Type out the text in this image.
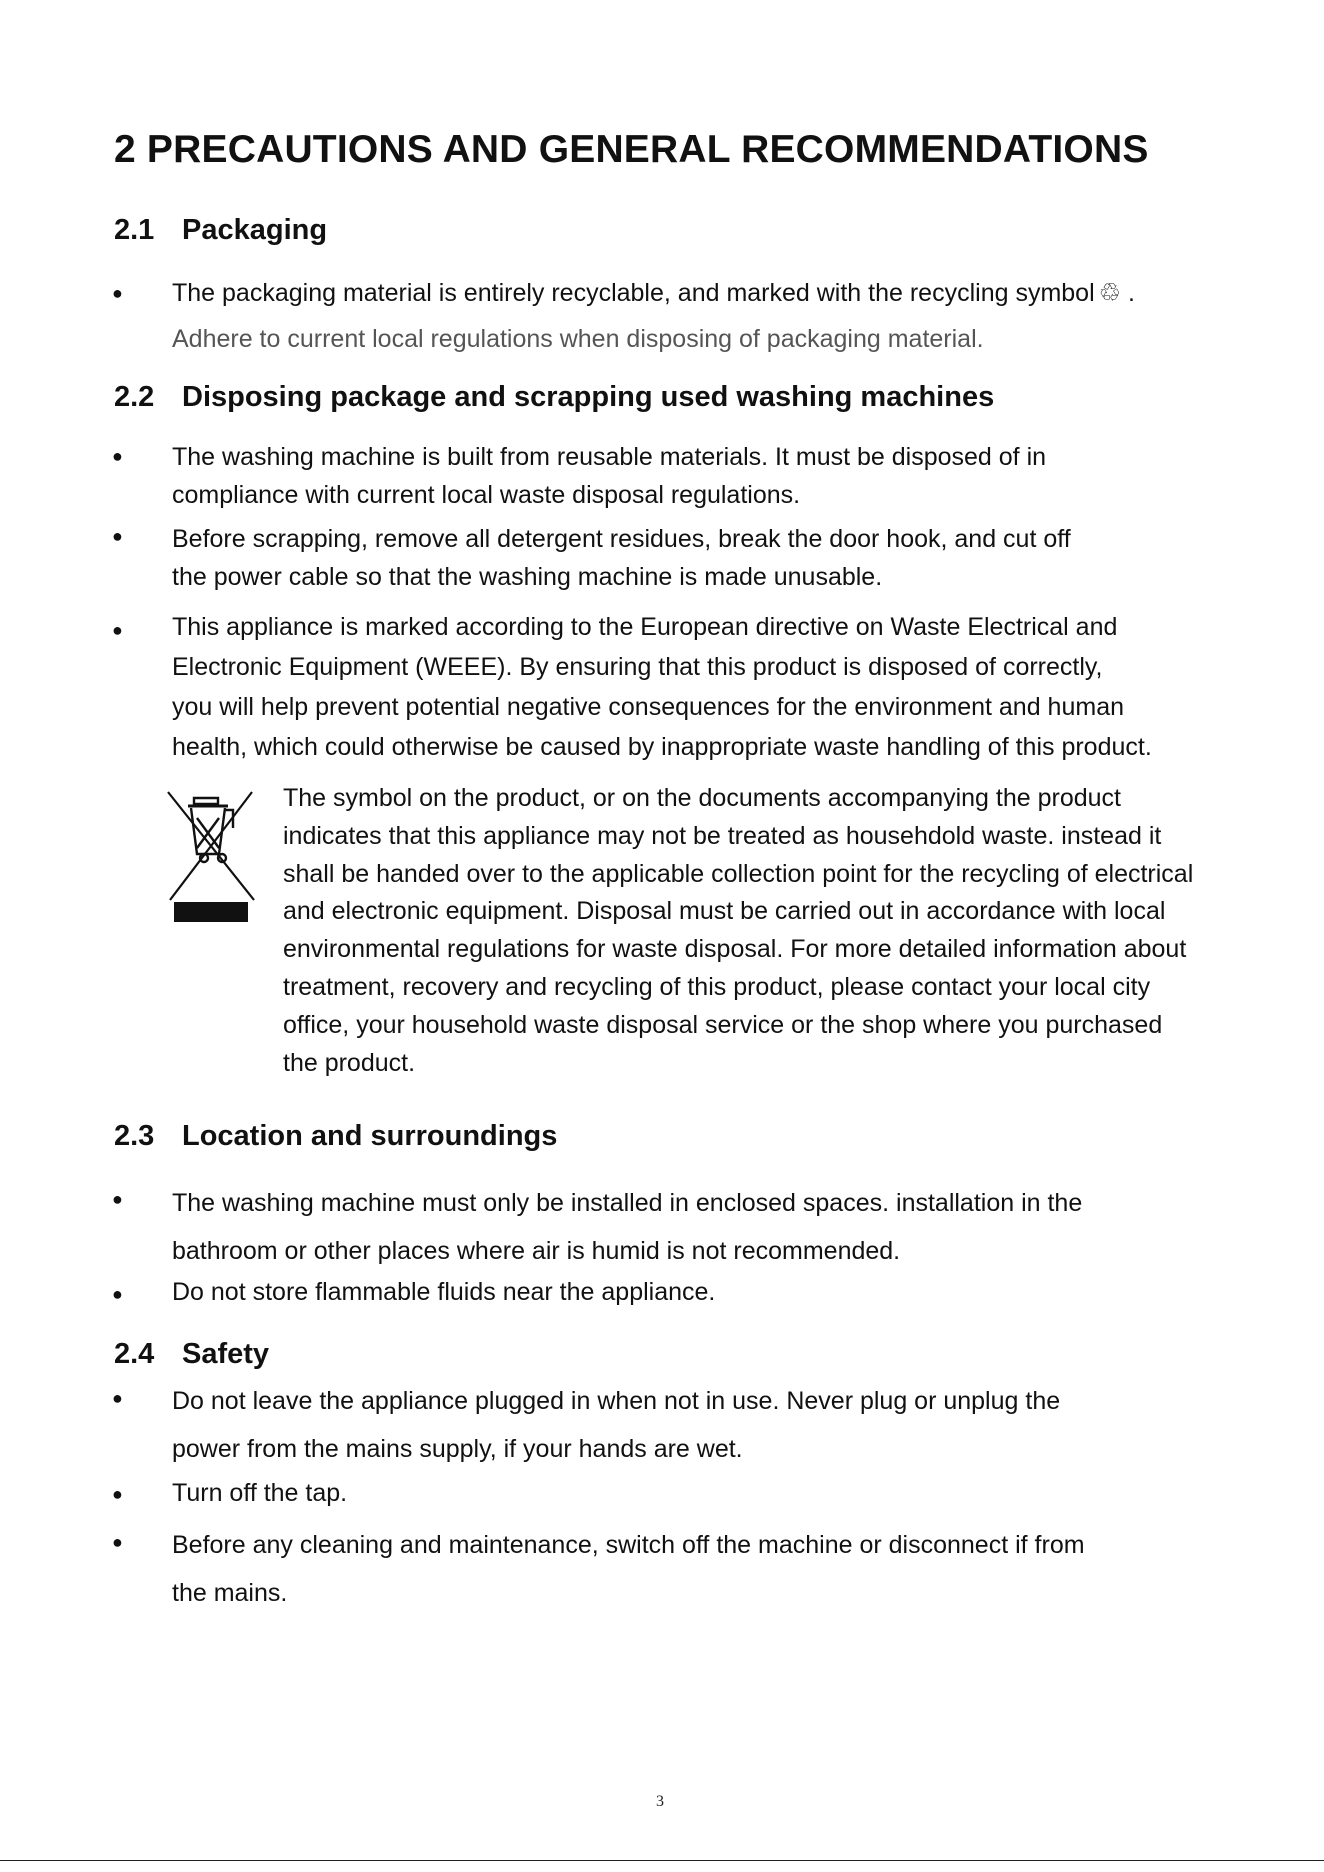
2 PRECAUTIONS AND GENERAL RECOMMENDATIONS
2.1 Packaging
● The packaging material is entirely recyclable, and marked with the recycling symbol ♲ .
Adhere to current local regulations when disposing of packaging material.
2.2 Disposing package and scrapping used washing machines
● The washing machine is built from reusable materials. It must be disposed of in
compliance with current local waste disposal regulations.
● Before scrapping, remove all detergent residues, break the door hook, and cut off
the power cable so that the washing machine is made unusable.
● This appliance is marked according to the European directive on Waste Electrical and
Electronic Equipment (WEEE). By ensuring that this product is disposed of correctly,
you will help prevent potential negative consequences for the environment and human
health, which could otherwise be caused by inappropriate waste handling of this product.
The symbol on the product, or on the documents accompanying the product
indicates that this appliance may not be treated as househdold waste. instead it
shall be handed over to the applicable collection point for the recycling of electrical
and electronic equipment. Disposal must be carried out in accordance with local
environmental regulations for waste disposal. For more detailed information about
treatment, recovery and recycling of this product, please contact your local city
office, your household waste disposal service or the shop where you purchased
the product.
2.3 Location and surroundings
● The washing machine must only be installed in enclosed spaces. installation in the
bathroom or other places where air is humid is not recommended.
● Do not store flammable fluids near the appliance.
2.4 Safety
● Do not leave the appliance plugged in when not in use. Never plug or unplug the
power from the mains supply, if your hands are wet.
● Turn off the tap.
● Before any cleaning and maintenance, switch off the machine or disconnect if from
the mains.
3
